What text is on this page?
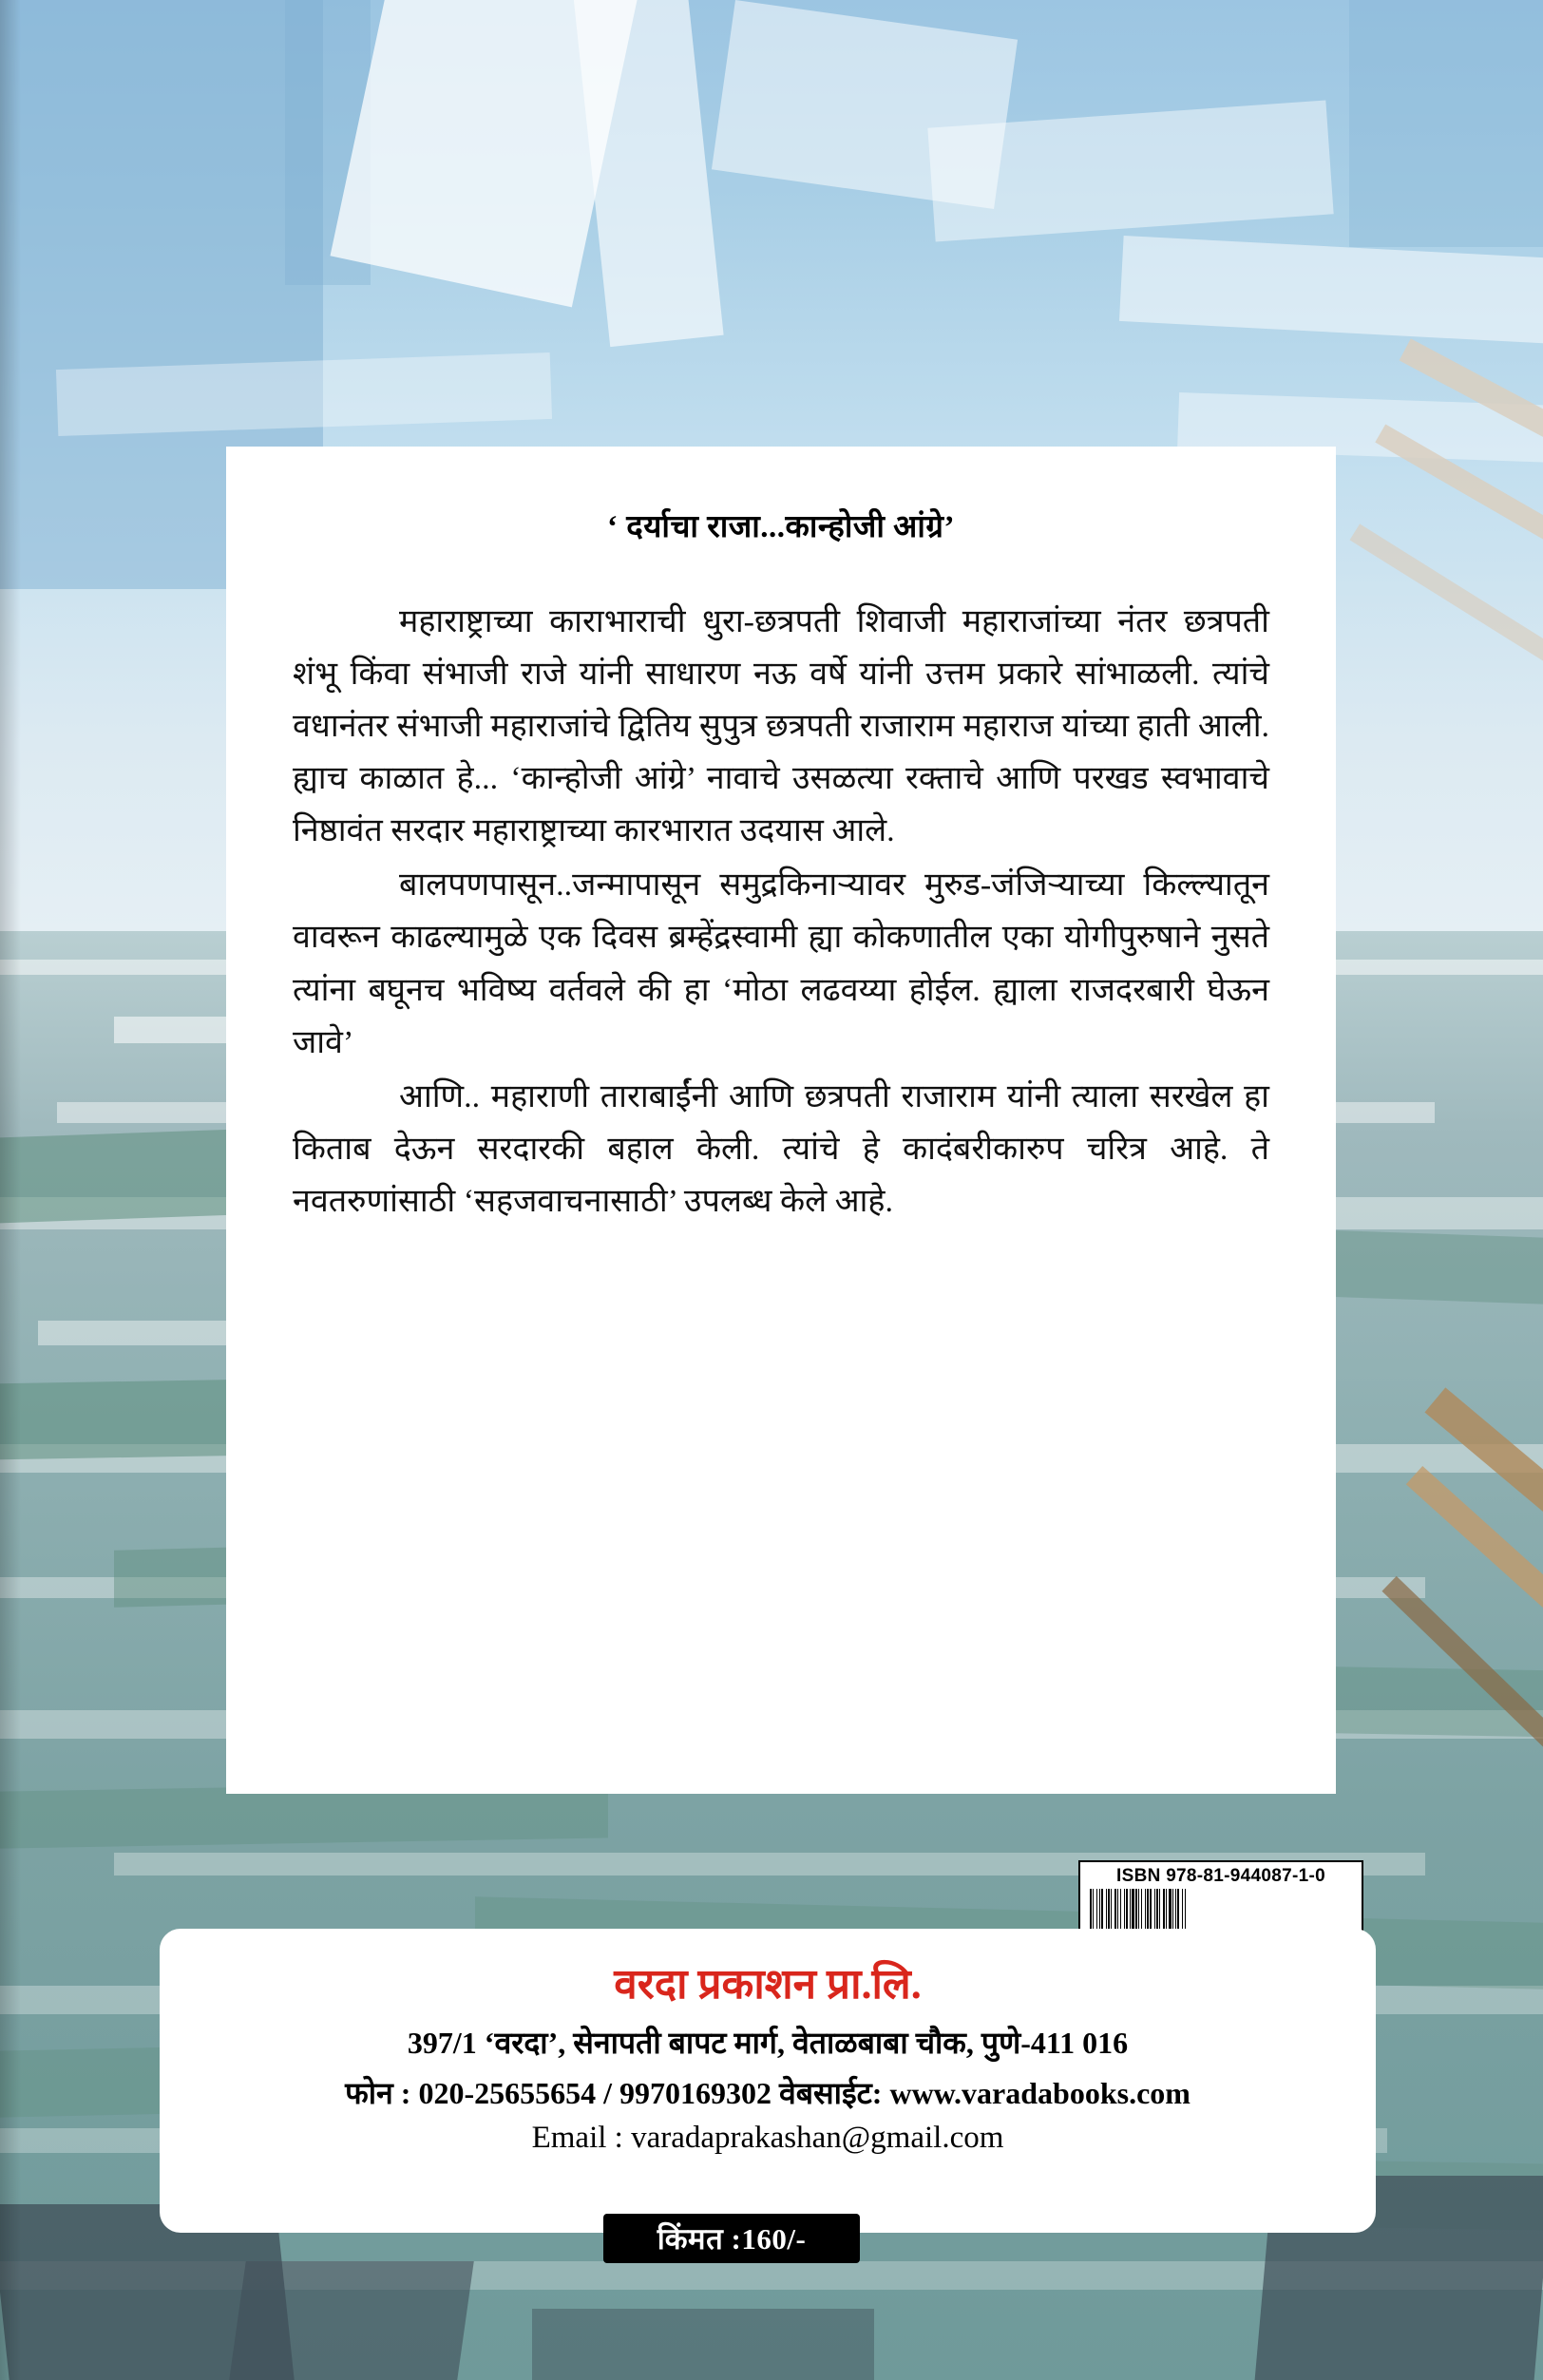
‘ दर्याचा राजा...कान्होजी आंग्रे’

महाराष्ट्राच्या काराभाराची धुरा-छत्रपती शिवाजी महाराजांच्या नंतर छत्रपती शंभू किंवा संभाजी राजे यांनी साधारण नऊ वर्षे यांनी उत्तम प्रकारे सांभाळली. त्यांचे वधानंतर संभाजी महाराजांचे द्वितिय सुपुत्र छत्रपती राजाराम महाराज यांच्या हाती आली. ह्याच काळात हे... ‘कान्होजी आंग्रे’ नावाचे उसळत्या रक्ताचे आणि परखड स्वभावाचे निष्ठावंत सरदार महाराष्ट्राच्या कारभारात उदयास आले.

बालपणपासून..जन्मापासून समुद्रकिनाऱ्यावर मुरुड-जंजिऱ्याच्या किल्ल्यातून वावरून काढल्यामुळे एक दिवस ब्रम्हेंद्रस्वामी ह्या कोकणातील एका योगीपुरुषाने नुसते त्यांना बघूनच भविष्य वर्तवले की हा ‘मोठा लढवय्या होईल. ह्याला राजदरबारी घेऊन जावे’

आणि.. महाराणी ताराबाईंनी आणि छत्रपती राजाराम यांनी त्याला सरखेल हा किताब देऊन सरदारकी बहाल केली. त्यांचे हे कादंबरीकारुप चरित्र आहे. ते नवतरुणांसाठी ‘सहजवाचनासाठी’ उपलब्ध केले आहे.

ISBN 978-81-944087-1-0
वरदा प्रकाशन प्रा.लि.
397/1 ‘वरदा’, सेनापती बापट मार्ग, वेताळबाबा चौक, पुणे-411 016
फोन : 020-25655654 / 9970169302 वेबसाईट: www.varadabooks.com
Email : varadaprakashan@gmail.com
किंमत :160/-
